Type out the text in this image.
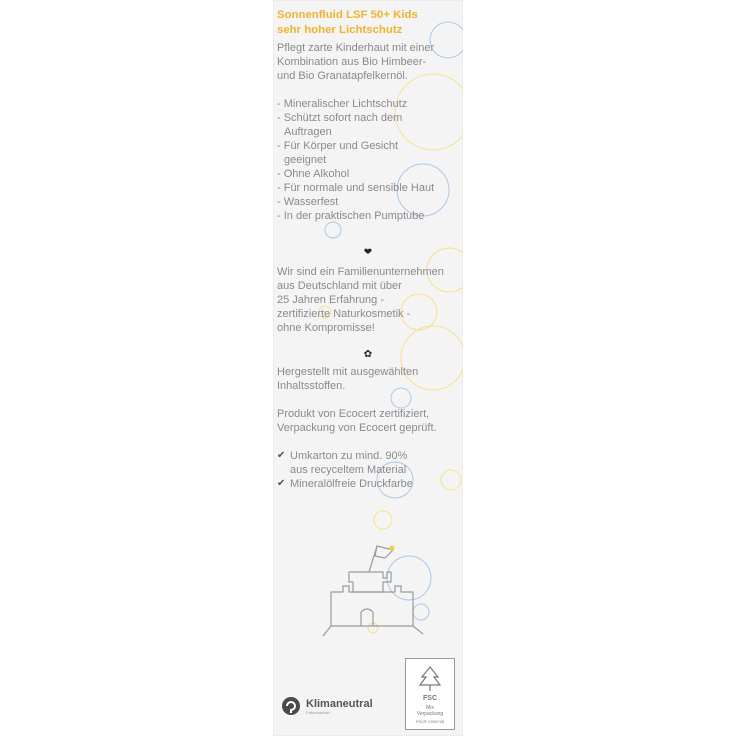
Sonnenfluid LSF 50+ Kids

sehr hoher Lichtschutz

Pflegt zarte Kinderhaut mit einer

Kombination aus Bio Himbeer-

und Bio Granatapfelkernöl.

- Mineralischer Lichtschutz
- Schützt sofort nach dem
Auftragen
- Für Körper und Gesicht
geeignet
- Ohne Alkohol
- Für normale und sensible Haut
- Wasserfest
- In der praktischen Pumptube
❤

Wir sind ein Familienunternehmen

aus Deutschland mit über

25 Jahren Erfahrung -

zertifizierte Naturkosmetik -

ohne Kompromisse!

✿

Hergestellt mit ausgewählten

Inhaltsstoffen.

Produkt von Ecocert zertifiziert,

Verpackung von Ecocert geprüft.

✔ Umkarton zu mind. 90%
aus recyceltem Material
✔ Mineralölfreie Druckfarbe
Klimaneutral
Faltschachtel
FSC
Mix
Verpackung
FSC® C006728
